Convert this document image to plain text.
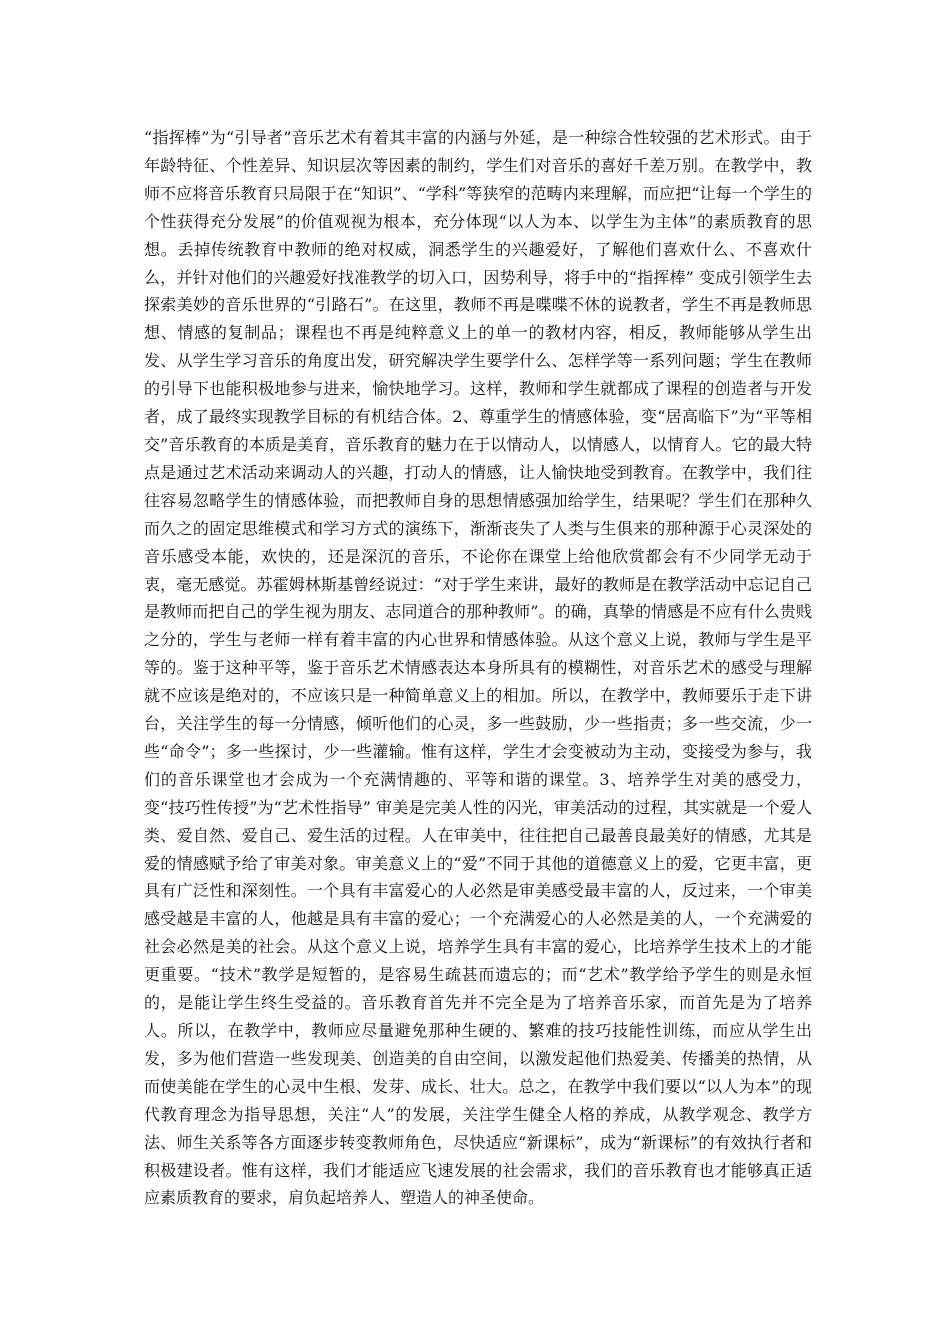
“指挥棒”为“引导者”音乐艺术有着其丰富的内涵与外延，是一种综合性较强的艺术形式。由于年龄特征、个性差异、知识层次等因素的制约，学生们对音乐的喜好千差万别。在教学中，教师不应将音乐教育只局限于在“知识”、“学科”等狭窄的范畴内来理解，而应把“让每一个学生的个性获得充分发展”的价值观视为根本，充分体现“以人为本、以学生为主体”的素质教育的思想。丢掉传统教育中教师的绝对权威，洞悉学生的兴趣爱好，了解他们喜欢什么、不喜欢什么，并针对他们的兴趣爱好找准教学的切入口，因势利导，将手中的“指挥棒” 变成引领学生去探索美妙的音乐世界的“引路石”。在这里，教师不再是喋喋不休的说教者，学生不再是教师思想、情感的复制品；课程也不再是纯粹意义上的单一的教材内容，相反，教师能够从学生出发、从学生学习音乐的角度出发，研究解决学生要学什么、怎样学等一系列问题；学生在教师的引导下也能积极地参与进来，愉快地学习。这样，教师和学生就都成了课程的创造者与开发者，成了最终实现教学目标的有机结合体。2、尊重学生的情感体验，变“居高临下”为“平等相交”音乐教育的本质是美育，音乐教育的魅力在于以情动人，以情感人，以情育人。它的最大特点是通过艺术活动来调动人的兴趣，打动人的情感，让人愉快地受到教育。在教学中，我们往往容易忽略学生的情感体验，而把教师自身的思想情感强加给学生，结果呢？学生们在那种久而久之的固定思维模式和学习方式的演练下，渐渐丧失了人类与生俱来的那种源于心灵深处的音乐感受本能，欢快的，还是深沉的音乐，不论你在课堂上给他欣赏都会有不少同学无动于衷，毫无感觉。苏霍姆林斯基曾经说过：“对于学生来讲，最好的教师是在教学活动中忘记自己是教师而把自己的学生视为朋友、志同道合的那种教师”。的确，真挚的情感是不应有什么贵贱之分的，学生与老师一样有着丰富的内心世界和情感体验。从这个意义上说，教师与学生是平等的。鉴于这种平等，鉴于音乐艺术情感表达本身所具有的模糊性，对音乐艺术的感受与理解就不应该是绝对的，不应该只是一种简单意义上的相加。所以，在教学中，教师要乐于走下讲台，关注学生的每一分情感，倾听他们的心灵，多一些鼓励，少一些指责；多一些交流，少一些“命令”；多一些探讨，少一些灌输。惟有这样，学生才会变被动为主动，变接受为参与，我们的音乐课堂也才会成为一个充满情趣的、平等和谐的课堂。3、培养学生对美的感受力，变“技巧性传授”为“艺术性指导” 审美是完美人性的闪光，审美活动的过程，其实就是一个爱人类、爱自然、爱自己、爱生活的过程。人在审美中，往往把自己最善良最美好的情感，尤其是爱的情感赋予给了审美对象。审美意义上的“爱”不同于其他的道德意义上的爱，它更丰富，更具有广泛性和深刻性。一个具有丰富爱心的人必然是审美感受最丰富的人，反过来，一个审美感受越是丰富的人，他越是具有丰富的爱心；一个充满爱心的人必然是美的人，一个充满爱的社会必然是美的社会。从这个意义上说，培养学生具有丰富的爱心，比培养学生技术上的才能更重要。“技术”教学是短暂的，是容易生疏甚而遗忘的；而“艺术”教学给予学生的则是永恒的，是能让学生终生受益的。音乐教育首先并不完全是为了培养音乐家，而首先是为了培养人。所以，在教学中，教师应尽量避免那种生硬的、繁难的技巧技能性训练，而应从学生出发，多为他们营造一些发现美、创造美的自由空间，以激发起他们热爱美、传播美的热情，从而使美能在学生的心灵中生根、发芽、成长、壮大。总之，在教学中我们要以“以人为本”的现代教育理念为指导思想，关注“人”的发展，关注学生健全人格的养成，从教学观念、教学方法、师生关系等各方面逐步转变教师角色，尽快适应“新课标”，成为“新课标”的有效执行者和积极建设者。惟有这样，我们才能适应飞速发展的社会需求，我们的音乐教育也才能够真正适应素质教育的要求，肩负起培养人、塑造人的神圣使命。
